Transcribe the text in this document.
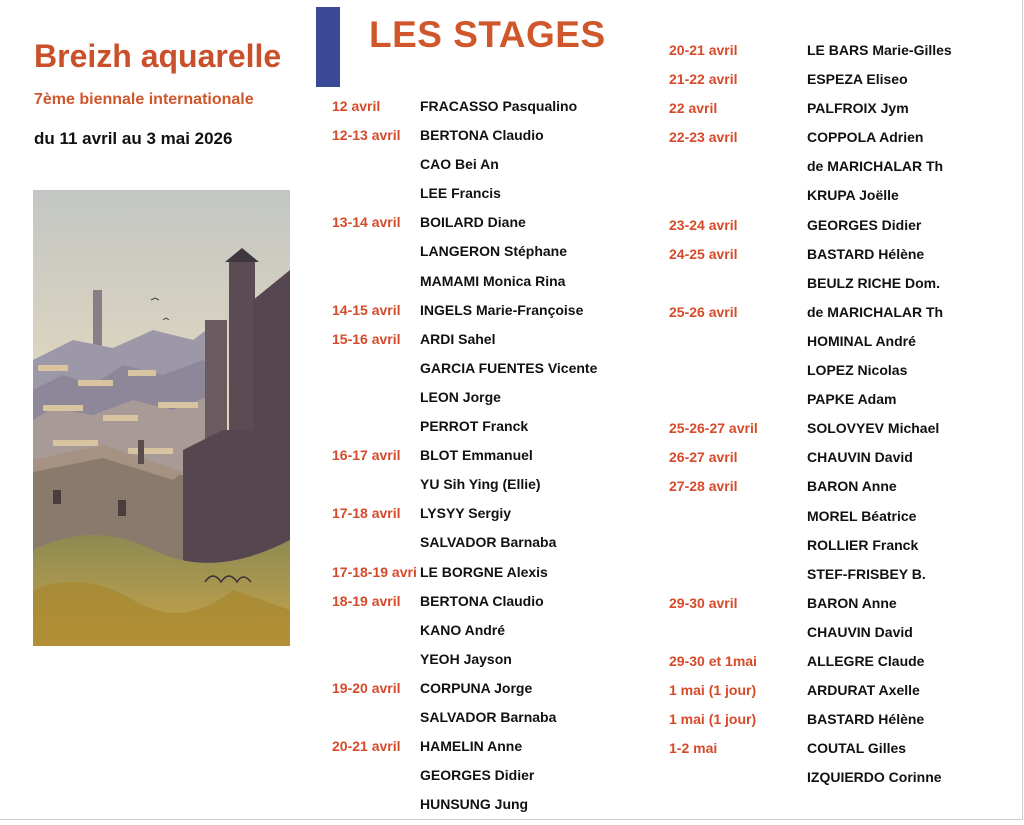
Breizh aquarelle
7ème biennale internationale
du 11 avril au 3 mai 2026
LES STAGES
12 avril	FRACASSO Pasqualino
12-13 avril BERTONA Claudio
CAO Bei An
LEE Francis
13-14 avril BOILARD Diane
LANGERON Stéphane
MAMAMI Monica Rina
14-15 avril INGELS Marie-Françoise
15-16 avril ARDI Sahel
GARCIA FUENTES Vicente
LEON Jorge
PERROT Franck
16-17 avril BLOT Emmanuel
YU Sih Ying (Ellie)
17-18 avril LYSYY Sergiy
SALVADOR Barnaba
17-18-19 avri LE BORGNE Alexis
18-19 avril BERTONA Claudio
KANO André
YEOH Jayson
19-20 avril CORPUNA Jorge
SALVADOR Barnaba
20-21 avril HAMELIN Anne
GEORGES Didier
HUNSUNG Jung
20-21 avril	LE BARS Marie-Gilles
21-22 avril	ESPEZA Eliseo
22 avril	PALFROIX Jym
22-23 avril	COPPOLA Adrien
de MARICHALAR Th
KRUPA Joëlle
23-24 avril	GEORGES Didier
24-25 avril	BASTARD Hélène
BEULZ RICHE Dom.
25-26 avril	de MARICHALAR Th
HOMINAL André
LOPEZ Nicolas
PAPKE Adam
25-26-27 avril	SOLOVYEV Michael
26-27 avril	CHAUVIN David
27-28 avril	BARON Anne
MOREL Béatrice
ROLLIER Franck
STEF-FRISBEY B.
29-30 avril	BARON Anne
CHAUVIN David
29-30 et 1mai	ALLEGRE Claude
1 mai (1 jour)	ARDURAT Axelle
1 mai (1 jour)	BASTARD Hélène
1-2 mai	COUTAL Gilles
IZQUIERDO Corinne
